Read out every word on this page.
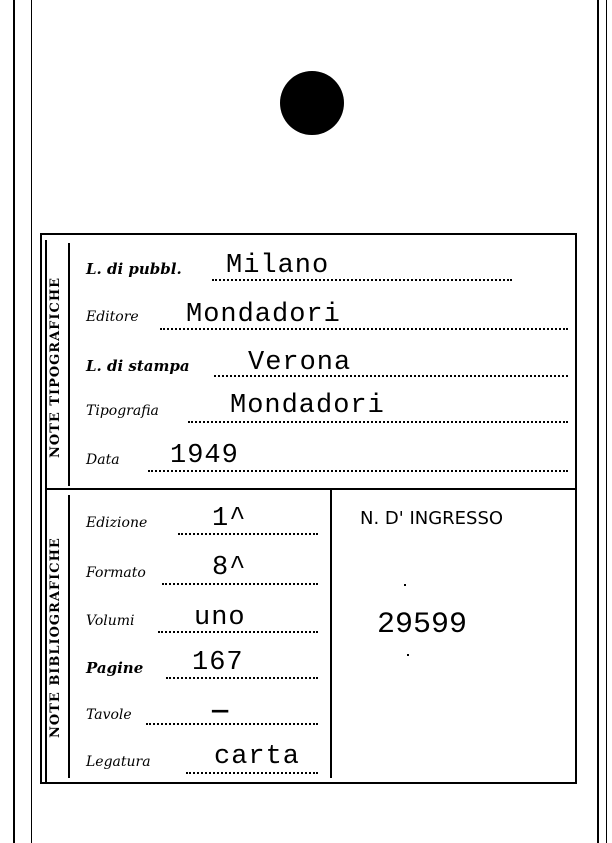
NOTE TIPOGRAFICHE
NOTE BIBLIOGRAFICHE
L. di pubbl. Milano
Editore Mondadori
L. di stampa Verona
Tipografia	Mondadori
Data 1949
Edizione 1^
Formato 8^
Volumi uno
Pagine 167
Tavole	—
Legatura carta
N. D' INGRESSO
29599
